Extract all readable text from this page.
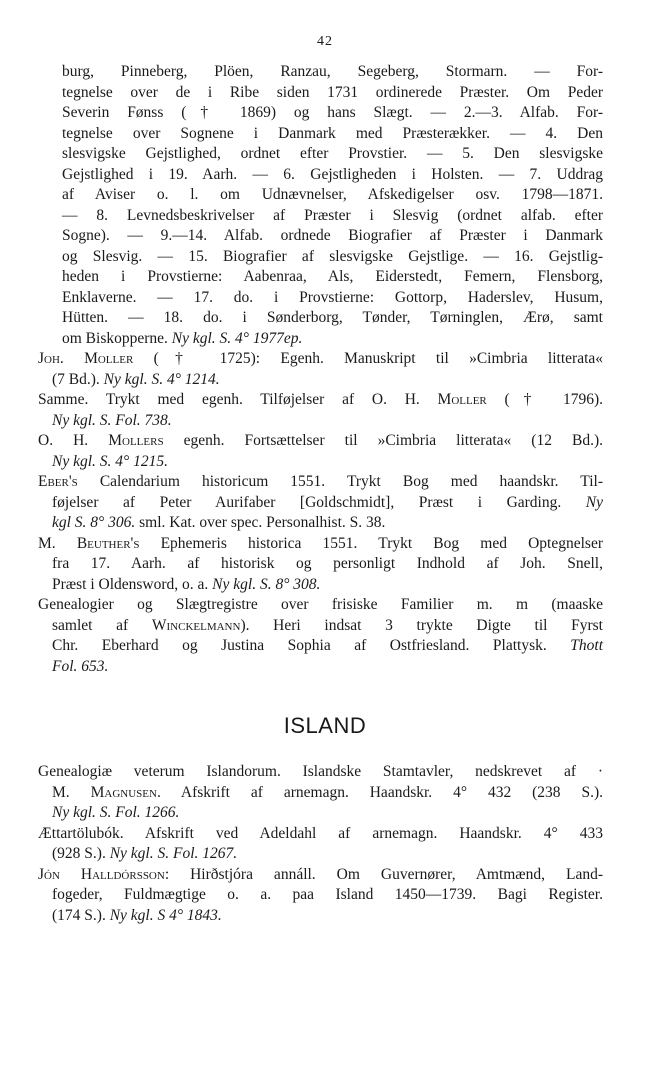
42
burg, Pinneberg, Plöen, Ranzau, Segeberg, Stormarn. — For-
tegnelse over de i Ribe siden 1731 ordinerede Præster. Om Peder
Severin Fønss († 1869) og hans Slægt. — 2.—3. Alfab. For-
tegnelse over Sognene i Danmark med Præsterækker. — 4. Den
slesvigske Gejstlighed, ordnet efter Provstier. — 5. Den slesvigske
Gejstlighed i 19. Aarh. — 6. Gejstligheden i Holsten. — 7. Uddrag
af Aviser o. l. om Udnævnelser, Afskedigelser osv. 1798—1871.
— 8. Levnedsbeskrivelser af Præster i Slesvig (ordnet alfab. efter
Sogne). — 9.—14. Alfab. ordnede Biografier af Præster i Danmark
og Slesvig. — 15. Biografier af slesvigske Gejstlige. — 16. Gejstlig-
heden i Provstierne: Aabenraa, Als, Eiderstedt, Femern, Flensborg,
Enklaverne. — 17. do. i Provstierne: Gottorp, Haderslev, Husum,
Hütten. — 18. do. i Sønderborg, Tønder, Tørninglen, Ærø, samt
om Biskopperne. Ny kgl. S. 4° 1977ep.
Joh. Moller († 1725): Egenh. Manuskript til »Cimbria litterata«
(7 Bd.). Ny kgl. S. 4° 1214.
Samme. Trykt med egenh. Tilføjelser af O. H. Moller († 1796).
Ny kgl. S. Fol. 738.
O. H. Mollers egenh. Fortsættelser til »Cimbria litterata« (12 Bd.).
Ny kgl. S. 4° 1215.
Eber's Calendarium historicum 1551. Trykt Bog med haandskr. Til-
føjelser af Peter Aurifaber [Goldschmidt], Præst i Garding. Ny
kgl S. 8° 306. sml. Kat. over spec. Personalhist. S. 38.
M. Beuther's Ephemeris historica 1551. Trykt Bog med Optegnelser
fra 17. Aarh. af historisk og personligt Indhold af Joh. Snell,
Præst i Oldensword, o. a. Ny kgl. S. 8° 308.
Genealogier og Slægtregistre over frisiske Familier m. m (maaske
samlet af Winckelmann). Heri indsat 3 trykte Digte til Fyrst
Chr. Eberhard og Justina Sophia af Ostfriesland. Plattysk. Thott
Fol. 653.
ISLAND
Genealogiæ veterum Islandorum. Islandske Stamtavler, nedskrevet af ·
M. Magnusen. Afskrift af arnemagn. Haandskr. 4° 432 (238 S.).
Ny kgl. S. Fol. 1266.
Ættartölubók. Afskrift ved Adeldahl af arnemagn. Haandskr. 4° 433
(928 S.). Ny kgl. S. Fol. 1267.
Jón Halldórsson: Hirðstjóra annáll. Om Guvernører, Amtmænd, Land-
fogeder, Fuldmægtige o. a. paa Island 1450—1739. Bagi Register.
(174 S.). Ny kgl. S 4° 1843.
